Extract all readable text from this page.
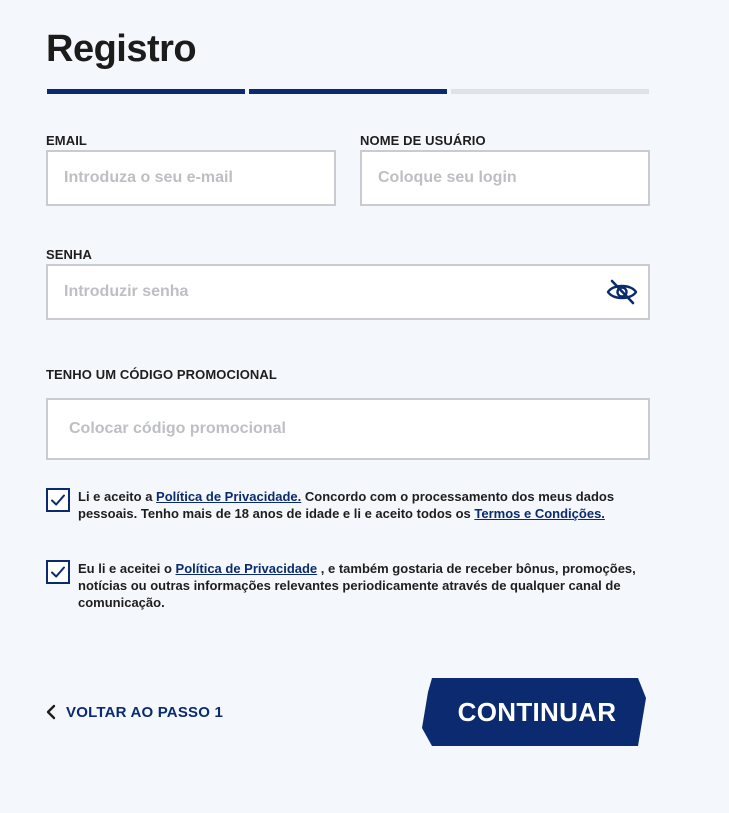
Registro
EMAIL
Introduza o seu e-mail	NOME DE USUÁRIO
Coloque seu login
SENHA
TENHO UM CÓDIGO PROMOCIONAL
Colocar código promocional
Li e aceito a Política de Privacidade. Concordo com o processamento dos meus dados pessoais. Tenho mais de 18 anos de idade e li e aceito todos os Termos e Condições.
Eu li e aceitei o Política de Privacidade , e também gostaria de receber bônus, promoções, notícias ou outras informações relevantes periodicamente através de qualquer canal de comunicação.
VOLTAR AO PASSO 1	CONTINUAR
